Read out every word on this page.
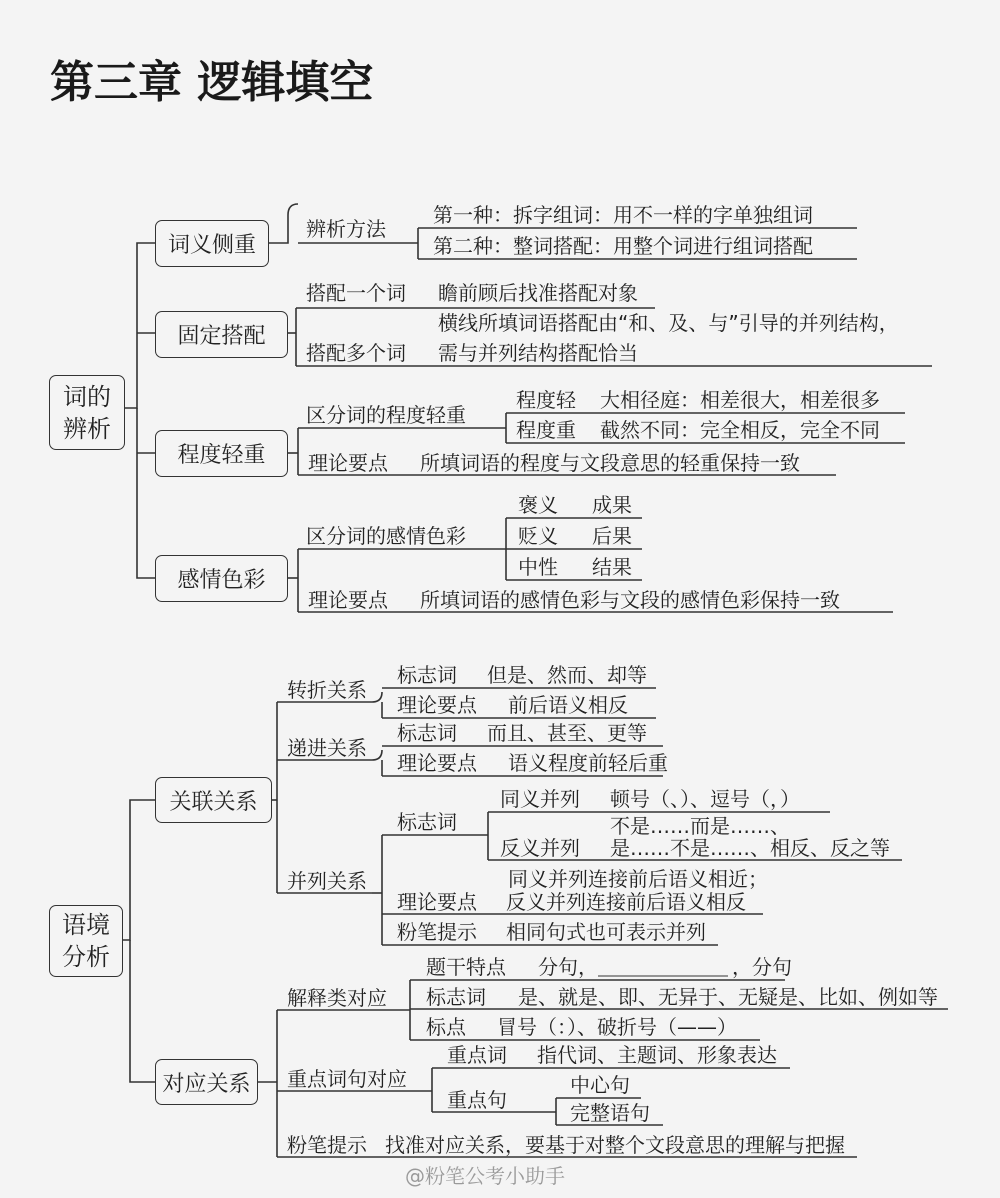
第三章 逻辑填空
词的
辨析
词义侧重
辨析方法
第一种：拆字组词：用不一样的字单独组词
第二种：整词搭配：用整个词进行组词搭配
固定搭配
搭配一个词 瞻前顾后找准搭配对象
横线所填词语搭配由“和、及、与”引导的并列结构，
搭配多个词 需与并列结构搭配恰当
程度轻重
区分词的程度轻重
程度轻 大相径庭：相差很大，相差很多
程度重 截然不同：完全相反，完全不同
理论要点 所填词语的程度与文段意思的轻重保持一致
感情色彩
区分词的感情色彩
褒义 成果
贬义 后果
中性 结果
理论要点 所填词语的感情色彩与文段的感情色彩保持一致
语境
分析
关联关系
转折关系
标志词 但是、然而、却等
理论要点 前后语义相反
递进关系
标志词 而且、甚至、更等
理论要点 语义程度前轻后重
并列关系
标志词
同义并列 顿号（、）、逗号（，）
不是……而是……、
反义并列 是……不是……、相反、反之等
同义并列连接前后语义相近；
理论要点 反义并列连接前后语义相反
粉笔提示 相同句式也可表示并列
对应关系
解释类对应
题干特点 分句，	，分句
标志词 是、就是、即、无异于、无疑是、比如、例如等
标点 冒号（：）、破折号（——）
重点词句对应
重点词 指代词、主题词、形象表达
重点句
中心句
完整语句
粉笔提示 找准对应关系，要基于对整个文段意思的理解与把握
@粉笔公考小助手
